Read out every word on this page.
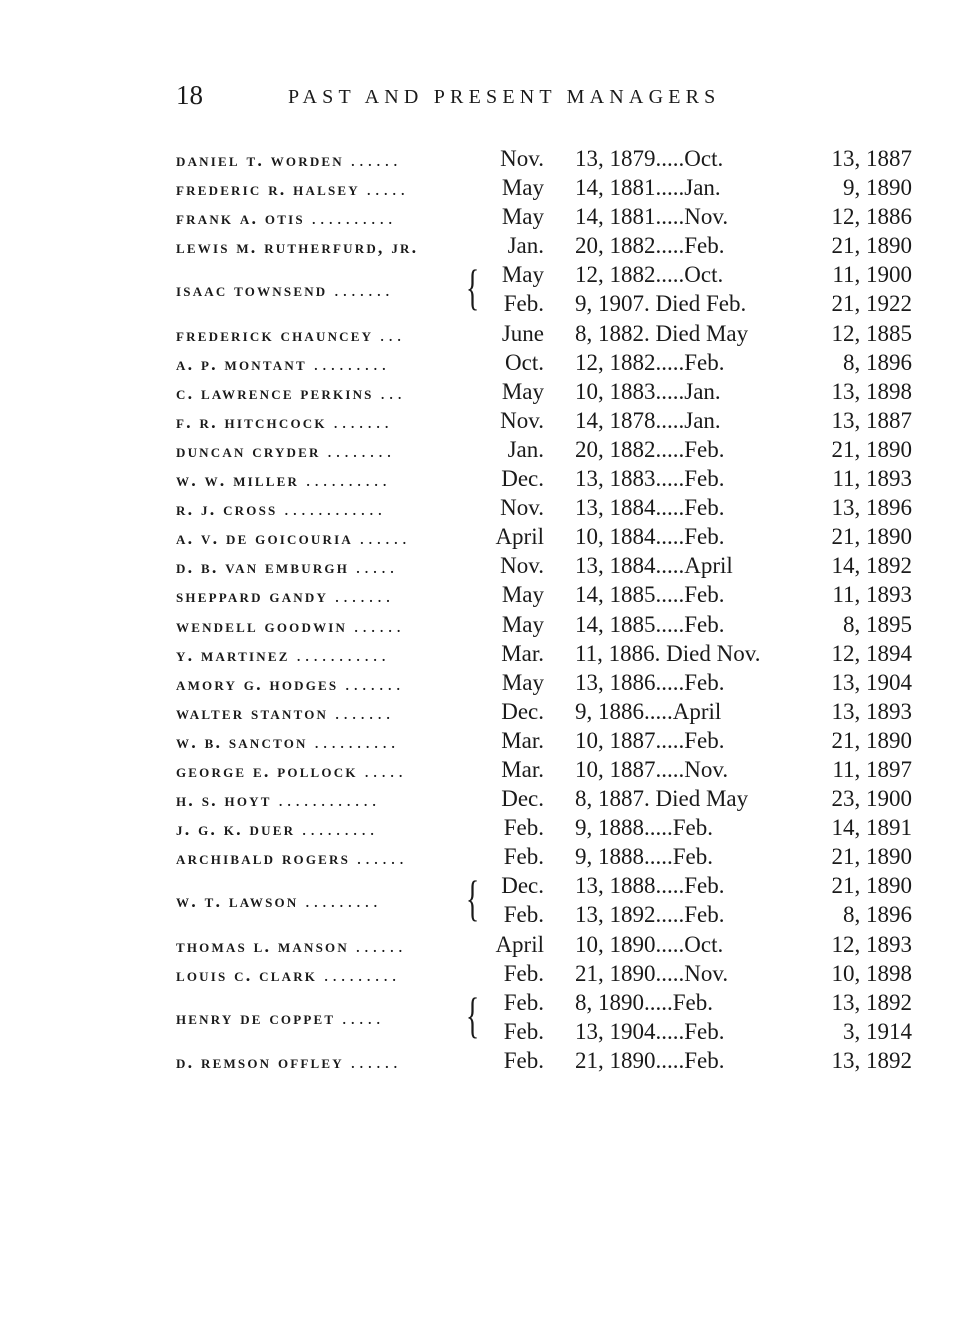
18	PAST AND PRESENT MANAGERS
daniel t. worden ......	Nov. 13, 1879.....Oct.	13, 1887
frederic r. halsey .....	May 14, 1881.....Jan.	9, 1890
frank a. otis ..........	May 14, 1881.....Nov.	12, 1886
lewis m. rutherfurd, jr.	Jan. 20, 1882.....Feb.	21, 1890
isaac townsend ....... { May 12, 1882.....Oct.	11, 1900
Feb. 9, 1907. Died Feb.	21, 1922
frederick chauncey ...	June 8, 1882. Died May	12, 1885
a. p. montant .........	Oct. 12, 1882.....Feb.	8, 1896
c. lawrence perkins ...	May 10, 1883.....Jan.	13, 1898
f. r. hitchcock .......	Nov. 14, 1878.....Jan.	13, 1887
duncan cryder ........	Jan. 20, 1882.....Feb.	21, 1890
w. w. miller ..........	Dec. 13, 1883.....Feb.	11, 1893
r. j. cross ............	Nov. 13, 1884.....Feb.	13, 1896
a. v. de goicouria ......	April 10, 1884.....Feb.	21, 1890
d. b. van emburgh .....	Nov. 13, 1884.....April	14, 1892
sheppard gandy .......	May 14, 1885.....Feb.	11, 1893
wendell goodwin ......	May 14, 1885.....Feb.	8, 1895
y. martinez ...........	Mar. 11, 1886. Died Nov.	12, 1894
amory g. hodges .......	May 13, 1886.....Feb.	13, 1904
walter stanton .......	Dec. 9, 1886.....April	13, 1893
w. b. sancton ..........	Mar. 10, 1887.....Feb.	21, 1890
george e. pollock .....	Mar. 10, 1887.....Nov.	11, 1897
h. s. hoyt ............	Dec. 8, 1887. Died May	23, 1900
j. g. k. duer .........	Feb. 9, 1888.....Feb.	14, 1891
archibald rogers ......	Feb. 9, 1888.....Feb.	21, 1890
w. t. lawson ......... { Dec. 13, 1888.....Feb.	21, 1890
Feb. 13, 1892.....Feb.	8, 1896
thomas l. manson ......	April 10, 1890.....Oct.	12, 1893
louis c. clark .........	Feb. 21, 1890.....Nov.	10, 1898
henry de coppet ..... { Feb. 8, 1890.....Feb.	13, 1892
Feb. 13, 1904.....Feb.	3, 1914
d. remson offley ......	Feb. 21, 1890.....Feb.	13, 1892
